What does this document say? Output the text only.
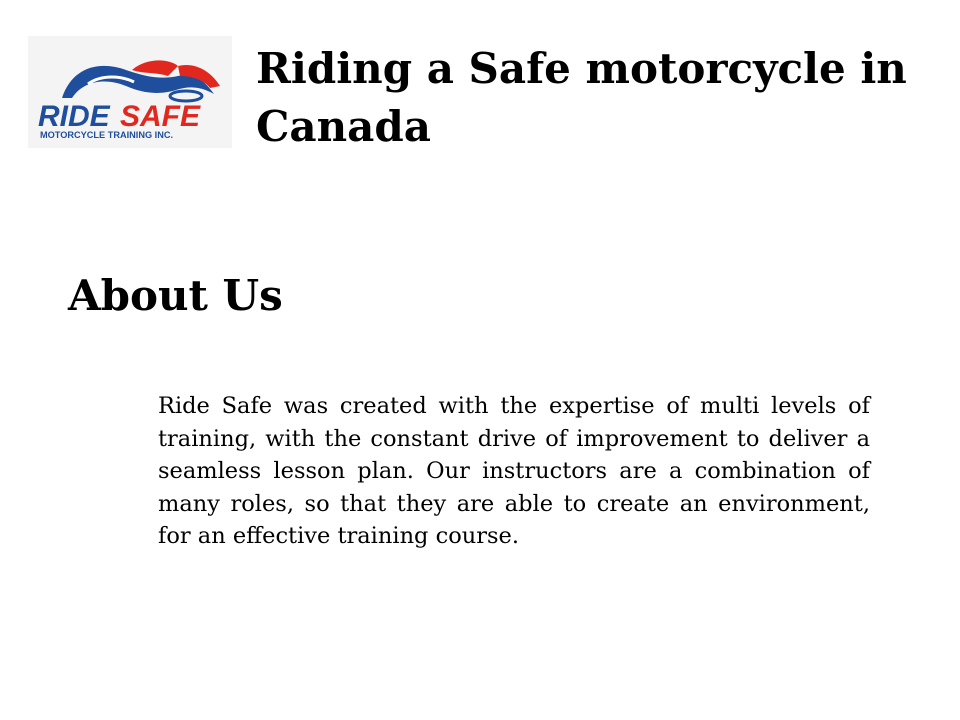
RIDE SAFE
MOTORCYCLE TRAINING INC.
Riding a Safe motorcycle in Canada
About Us

Ride Safe was created with the expertise of multi levels of training, with the constant drive of improvement to deliver a seamless lesson plan. Our instructors are a combination of many roles, so that they are able to create an environment, for an effective training course.
